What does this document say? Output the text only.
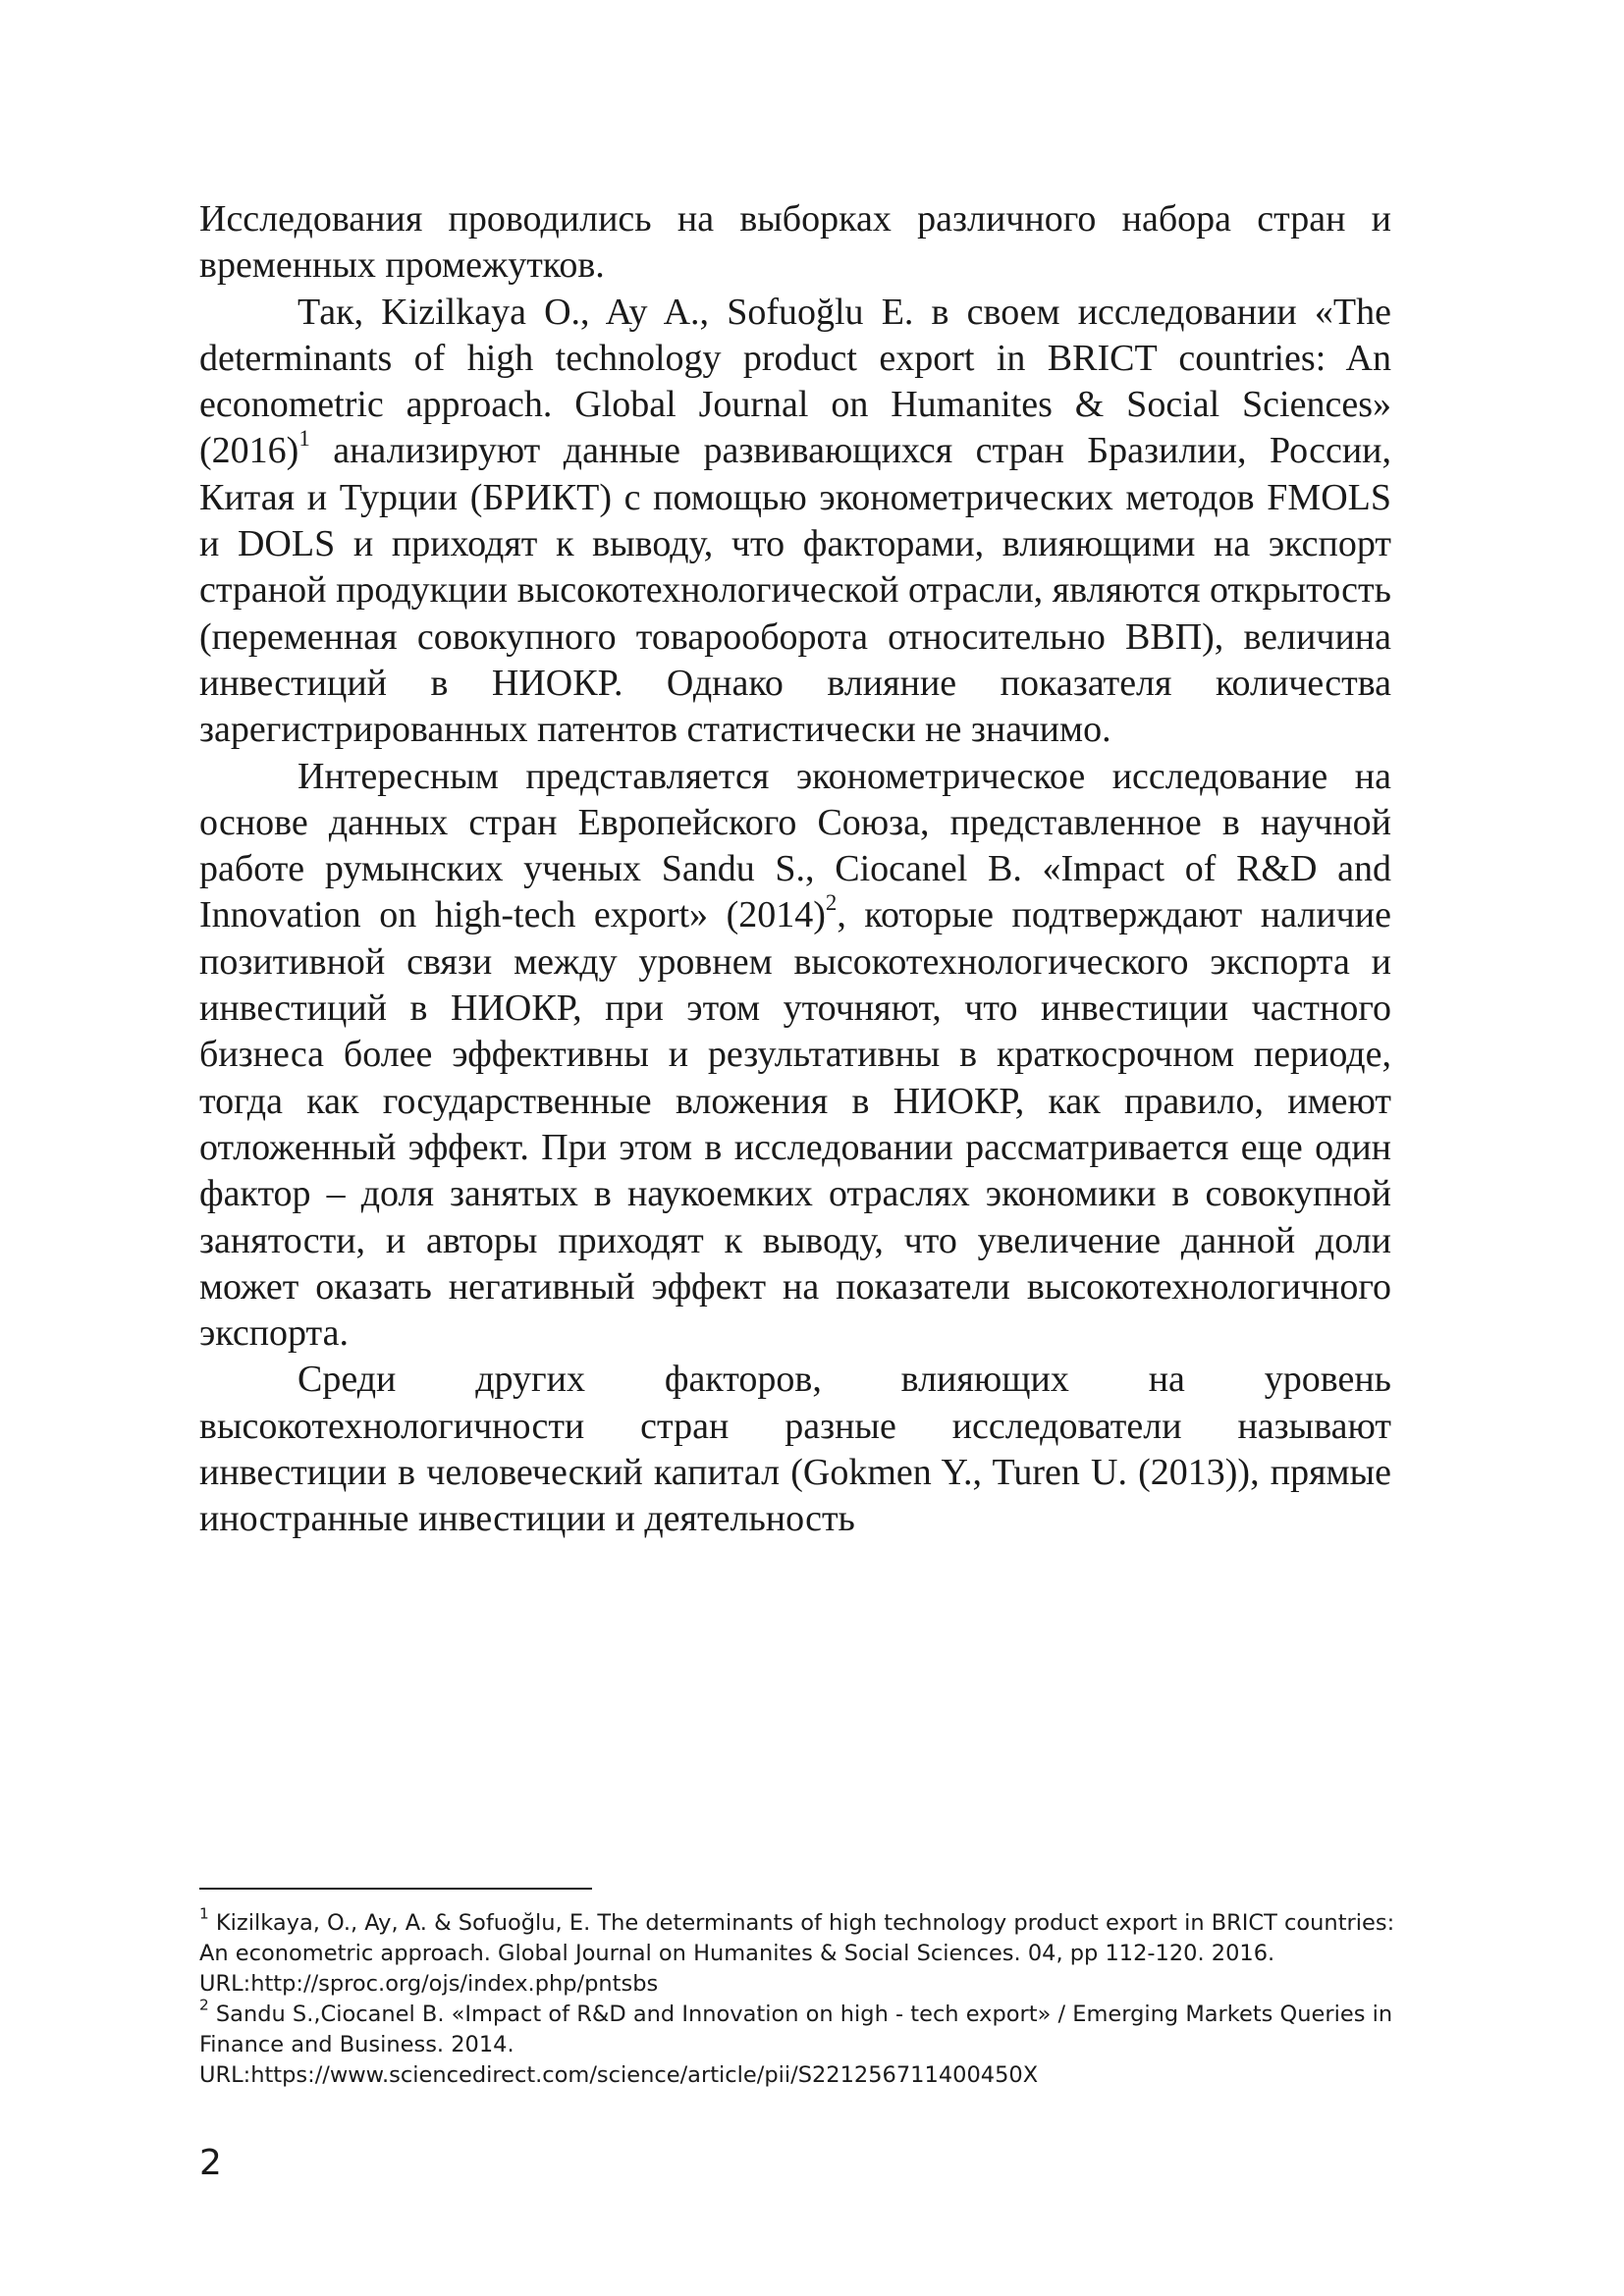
Исследования проводились на выборках различного набора стран и временных промежутков.

Так, Kizilkaya O., Ay A., Sofuoğlu E. в своем исследовании «The determinants of high technology product export in BRICT countries: An econometric approach. Global Journal on Humanites & Social Sciences» $(2016)^1$ анализируют данные развивающихся стран Бразилии, России, Китая и Турции (БРИКТ) с помощью эконометрических методов FMOLS и DOLS и приходят к выводу, что факторами, влияющими на экспорт страной продукции высокотехнологической отрасли, являются открытость (переменная совокупного товарооборота относительно ВВП), величина инвестиций в НИОКР. Однако влияние показателя количества зарегистрированных патентов статистически не значимо.

Интересным представляется эконометрическое исследование на основе данных стран Европейского Союза, представленное в научной работе румынских ученых Sandu S., Ciocanel B. «Impact of R&D and Innovation on high-tech export» $(2014)^2$, которые подтверждают наличие позитивной связи между уровнем высокотехнологического экспорта и инвестиций в НИОКР, при этом уточняют, что инвестиции частного бизнеса более эффективны и результативны в краткосрочном периоде, тогда как государственные вложения в НИОКР, как правило, имеют отложенный эффект. При этом в исследовании рассматривается еще один фактор – доля занятых в наукоемких отраслях экономики в совокупной занятости, и авторы приходят к выводу, что увеличение данной доли может оказать негативный эффект на показатели высокотехнологичного экспорта.

Среди других факторов, влияющих на уровень высокотехнологичности стран разные исследователи называют инвестиции в человеческий капитал (Gokmen Y., Turen U. (2013)), прямые иностранные инвестиции и деятельность

$^1$ Kizilkaya, O., Ay, A. & Sofuoğlu, E. The determinants of high technology product export in BRICT countries: An econometric approach. Global Journal on Humanites & Social Sciences. 04, pp 112-120. 2016. URL:http://sproc.org/ojs/index.php/pntsbs

$^2$ Sandu S.,Ciocanel B. «Impact of R&D and Innovation on high - tech export» / Emerging Markets Queries in Finance and Business. 2014.

URL:https://www.sciencedirect.com/science/article/pii/S221256711400450X

2
